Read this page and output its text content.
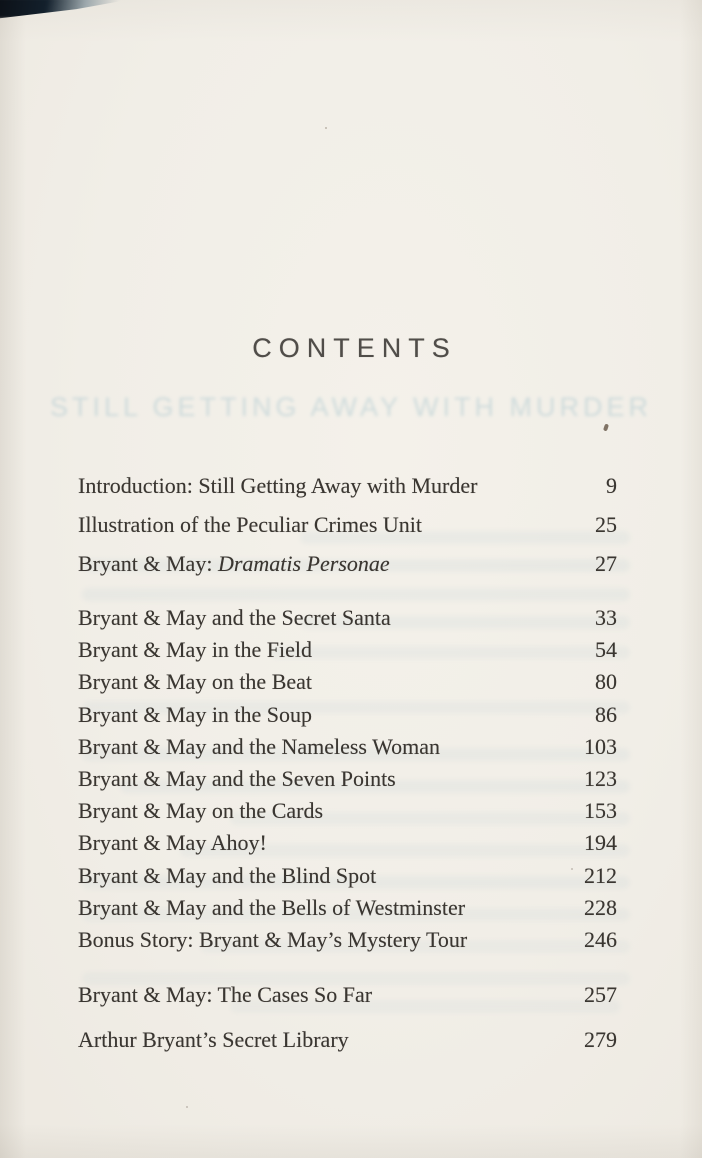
CONTENTS
STILL GETTING AWAY WITH MURDER
Introduction: Still Getting Away with Murder	9
Illustration of the Peculiar Crimes Unit	25
Bryant & May: Dramatis Personae	27
Bryant & May and the Secret Santa	33
Bryant & May in the Field	54
Bryant & May on the Beat	80
Bryant & May in the Soup	86
Bryant & May and the Nameless Woman	103
Bryant & May and the Seven Points	123
Bryant & May on the Cards	153
Bryant & May Ahoy!	194
Bryant & May and the Blind Spot	212
Bryant & May and the Bells of Westminster	228
Bonus Story: Bryant & May’s Mystery Tour	246
Bryant & May: The Cases So Far	257
Arthur Bryant’s Secret Library	279
